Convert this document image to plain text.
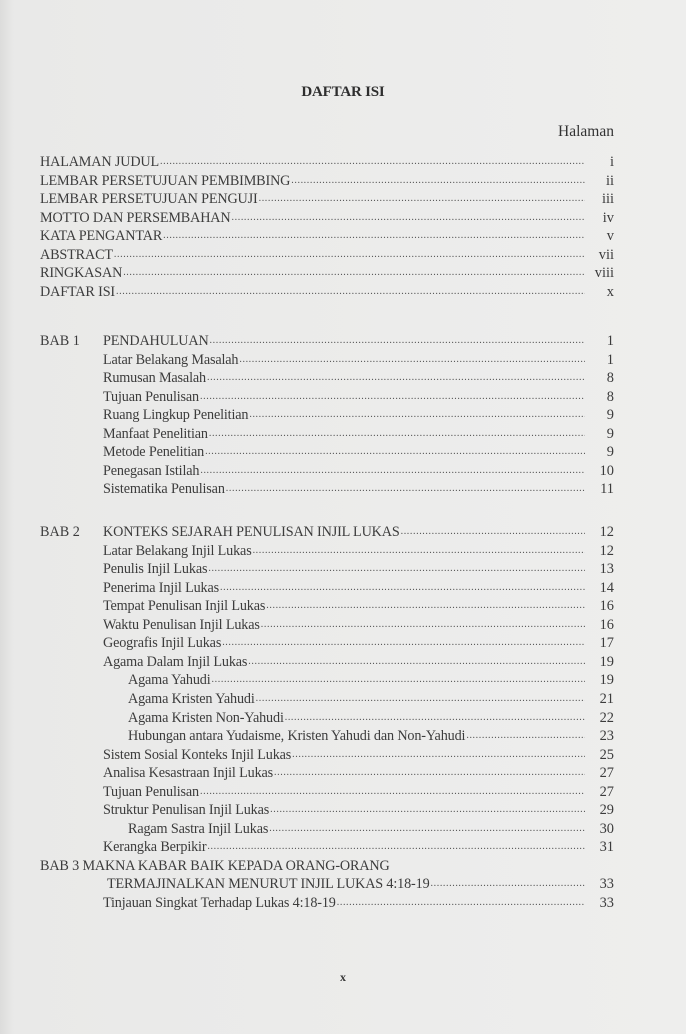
DAFTAR ISI
Halaman
HALAMAN JUDUL .....	i
LEMBAR PERSETUJUAN PEMBIMBING .....	ii
LEMBAR PERSETUJUAN PENGUJI .....	iii
MOTTO DAN PERSEMBAHAN .....	iv
KATA PENGANTAR .....	v
ABSTRACT .....	vii
RINGKASAN .....	viii
DAFTAR ISI .....	x
BAB 1 PENDAHULUAN .....	1
Latar Belakang Masalah .....	1
Rumusan Masalah .....	8
Tujuan Penulisan .....	8
Ruang Lingkup Penelitian .....	9
Manfaat Penelitian .....	9
Metode Penelitian .....	9
Penegasan Istilah .....	10
Sistematika Penulisan .....	11
BAB 2 KONTEKS SEJARAH PENULISAN INJIL LUKAS .....	12
Latar Belakang Injil Lukas .....	12
Penulis Injil Lukas .....	13
Penerima Injil Lukas .....	14
Tempat Penulisan Injil Lukas .....	16
Waktu Penulisan Injil Lukas .....	16
Geografis Injil Lukas .....	17
Agama Dalam Injil Lukas .....	19
Agama Yahudi .....	19
Agama Kristen Yahudi .....	21
Agama Kristen Non-Yahudi .....	22
Hubungan antara Yudaisme, Kristen Yahudi dan Non-Yahudi .....	23
Sistem Sosial Konteks Injil Lukas .....	25
Analisa Kesastraan Injil Lukas .....	27
Tujuan Penulisan .....	27
Struktur Penulisan Injil Lukas .....	29
Ragam Sastra Injil Lukas .....	30
Kerangka Berpikir .....	31
BAB 3 MAKNA KABAR BAIK KEPADA ORANG-ORANG
TERMAJINALKAN MENURUT INJIL LUKAS 4:18-19 .....	33
Tinjauan Singkat Terhadap Lukas 4:18-19 .....	33
x
